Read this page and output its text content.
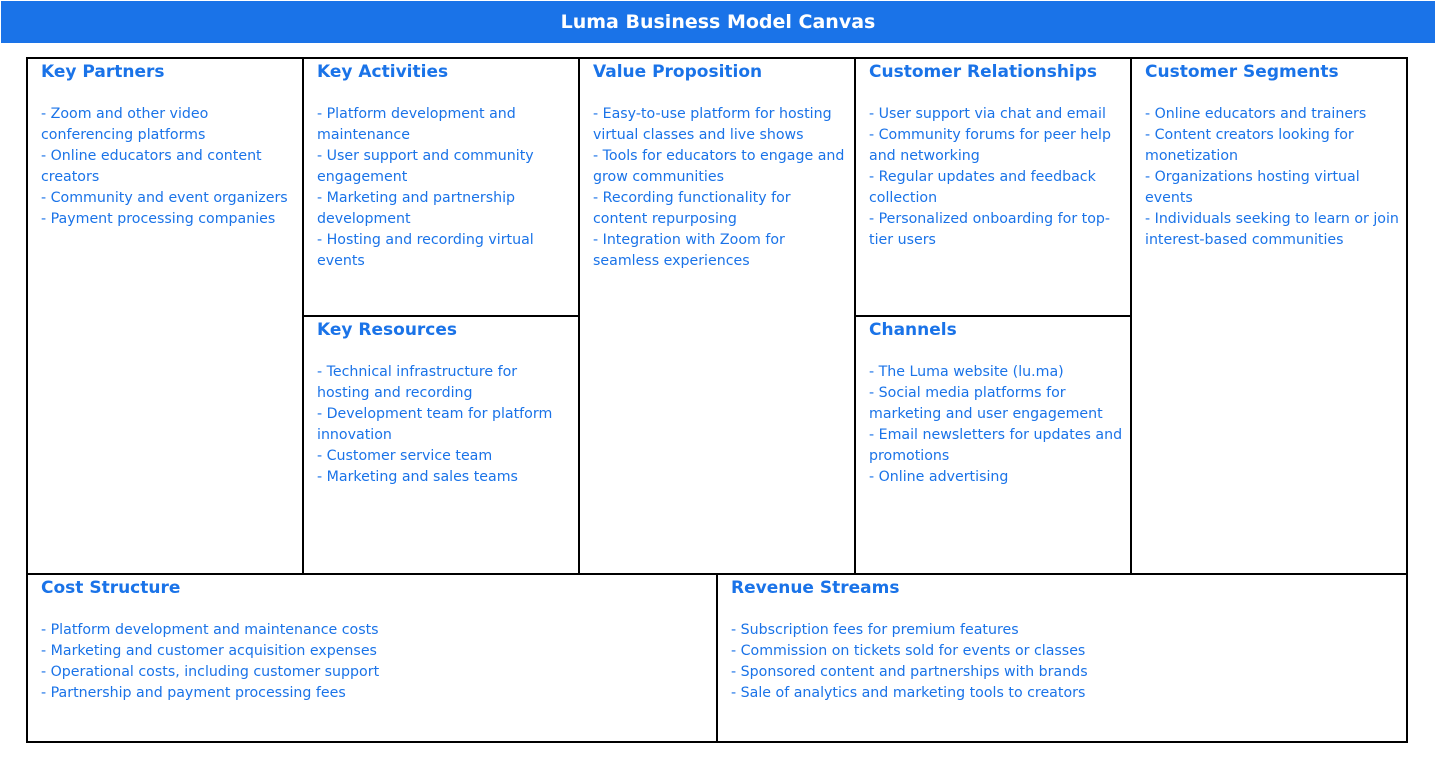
Luma Business Model Canvas

Key Partners

- Zoom and other video conferencing platforms
- Online educators and content creators
- Community and event organizers
- Payment processing companies

Key Activities

- Platform development and maintenance
- User support and community engagement
- Marketing and partnership development
- Hosting and recording virtual events

Key Resources

- Technical infrastructure for hosting and recording
- Development team for platform innovation
- Customer service team
- Marketing and sales teams

Value Proposition

- Easy-to-use platform for hosting virtual classes and live shows
- Tools for educators to engage and grow communities
- Recording functionality for content repurposing
- Integration with Zoom for seamless experiences

Customer Relationships

- User support via chat and email
- Community forums for peer help and networking
- Regular updates and feedback collection
- Personalized onboarding for top-tier users

Channels

- The Luma website (lu.ma)
- Social media platforms for marketing and user engagement
- Email newsletters for updates and promotions
- Online advertising

Customer Segments

- Online educators and trainers
- Content creators looking for monetization
- Organizations hosting virtual events
- Individuals seeking to learn or join interest-based communities

Cost Structure

- Platform development and maintenance costs
- Marketing and customer acquisition expenses
- Operational costs, including customer support
- Partnership and payment processing fees

Revenue Streams

- Subscription fees for premium features
- Commission on tickets sold for events or classes
- Sponsored content and partnerships with brands
- Sale of analytics and marketing tools to creators
